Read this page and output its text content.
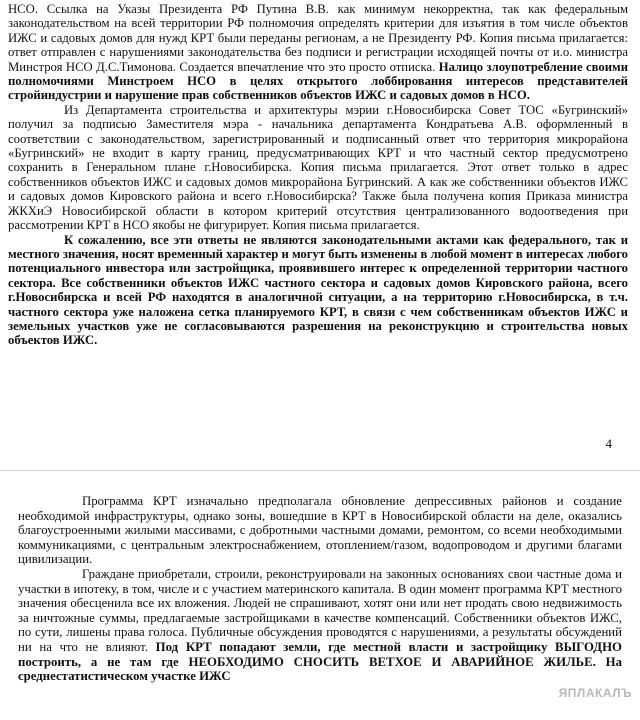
НСО. Ссылка на Указы Президента РФ Путина В.В. как минимум некорректна, так как федеральным законодательством на всей территории РФ полномочия определять критерии для изъятия в том числе объектов ИЖС и садовых домов для нужд КРТ были переданы регионам, а не Президенту РФ. Копия письма прилагается: ответ отправлен с нарушениями законодательства без подписи и регистрации исходящей почты от и.о. министра Минстроя НСО Д.С.Тимонова. Создается впечатление что это просто отписка. Налицо злоупотребление своими полномочиями Минстроем НСО в целях открытого лоббирования интересов представителей стройиндустрии и нарушение прав собственников объектов ИЖС и садовых домов в НСО.

Из Департамента строительства и архитектуры мэрии г.Новосибирска Совет ТОС «Бугринский» получил за подписью Заместителя мэра - начальника департамента Кондратьева А.В. оформленный в соответствии с законодательством, зарегистрированный и подписанный ответ что территория микрорайона «Бугринский» не входит в карту границ, предусматривающих КРТ и что частный сектор предусмотрено сохранить в Генеральном плане г.Новосибирска. Копия письма прилагается. Этот ответ только в адрес собственников объектов ИЖС и садовых домов микрорайона Бугринский. А как же собственники объектов ИЖС и садовых домов Кировского района и всего г.Новосибирска? Также была получена копия Приказа министра ЖКХиЭ Новосибирской области в котором критерий отсутствия централизованного водоотведения при рассмотрении КРТ в НСО якобы не фигурирует. Копия письма прилагается.

К сожалению, все эти ответы не являются законодательными актами как федерального, так и местного значения, носят временный характер и могут быть изменены в любой момент в интересах любого потенциального инвестора или застройщика, проявившего интерес к определенной территории частного сектора. Все собственники объектов ИЖС частного сектора и садовых домов Кировского района, всего г.Новосибирска и всей РФ находятся в аналогичной ситуации, а на территорию г.Новосибирска, в т.ч. частного сектора уже наложена сетка планируемого КРТ, в связи с чем собственникам объектов ИЖС и земельных участков уже не согласовываются разрешения на реконструкцию и строительства новых объектов ИЖС.

4

Программа КРТ изначально предполагала обновление депрессивных районов и создание необходимой инфраструктуры, однако зоны, вошедшие в КРТ в Новосибирской области на деле, оказались благоустроенными жилыми массивами, с добротными частными домами, ремонтом, со всеми необходимыми коммуникациями, с центральным электроснабжением, отоплением/газом, водопроводом и другими благами цивилизации.

Граждане приобретали, строили, реконструировали на законных основаниях свои частные дома и участки в ипотеку, в том, числе и с участием материнского капитала. В один момент программа КРТ местного значения обесценила все их вложения. Людей не спрашивают, хотят они или нет продать свою недвижимость за ничтожные суммы, предлагаемые застройщиками в качестве компенсаций. Собственники объектов ИЖС, по сути, лишены права голоса. Публичные обсуждения проводятся с нарушениями, а результаты обсуждений ни на что не влияют. Под КРТ попадают земли, где местной власти и застройщику ВЫГОДНО построить, а не там где НЕОБХОДИМО СНОСИТЬ ВЕТХОЕ И АВАРИЙНОЕ ЖИЛЬЕ. На среднестатистическом участке ИЖС

ЯПЛАКАЛЪ
